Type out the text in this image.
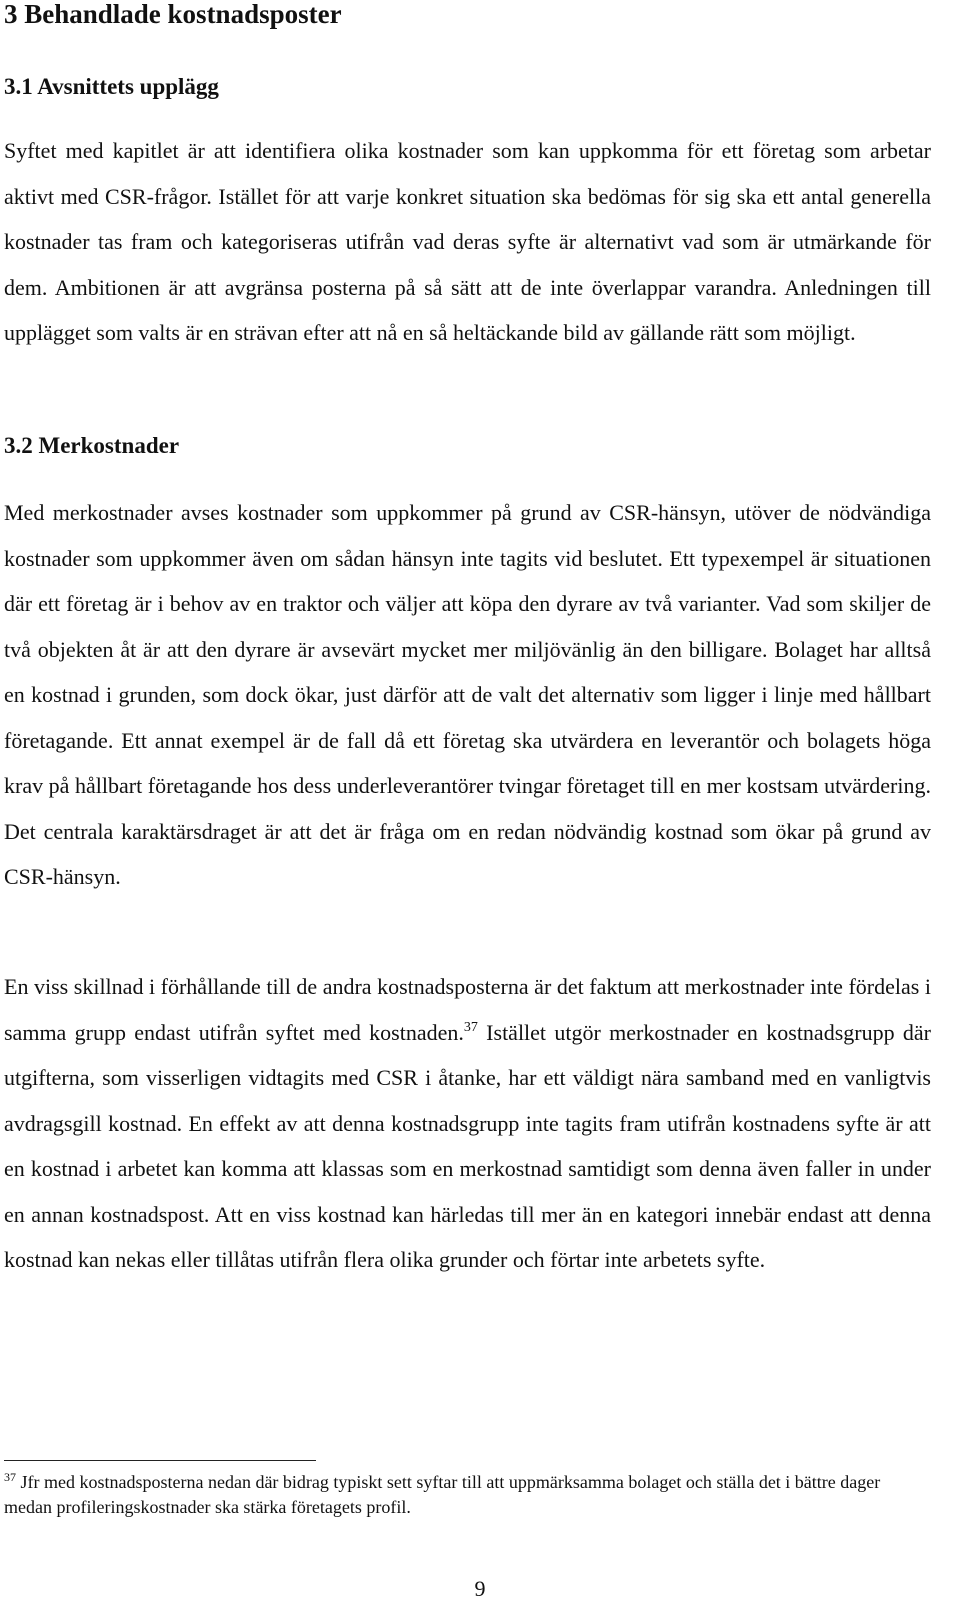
3 Behandlade kostnadsposter
3.1 Avsnittets upplägg

Syftet med kapitlet är att identifiera olika kostnader som kan uppkomma för ett företag som arbetar aktivt med CSR-frågor. Istället för att varje konkret situation ska bedömas för sig ska ett antal generella kostnader tas fram och kategoriseras utifrån vad deras syfte är alternativt vad som är utmärkande för dem. Ambitionen är att avgränsa posterna på så sätt att de inte överlappar varandra. Anledningen till upplägget som valts är en strävan efter att nå en så heltäckande bild av gällande rätt som möjligt.

3.2 Merkostnader

Med merkostnader avses kostnader som uppkommer på grund av CSR-hänsyn, utöver de nödvändiga kostnader som uppkommer även om sådan hänsyn inte tagits vid beslutet. Ett typexempel är situationen där ett företag är i behov av en traktor och väljer att köpa den dyrare av två varianter. Vad som skiljer de två objekten åt är att den dyrare är avsevärt mycket mer miljövänlig än den billigare. Bolaget har alltså en kostnad i grunden, som dock ökar, just därför att de valt det alternativ som ligger i linje med hållbart företagande. Ett annat exempel är de fall då ett företag ska utvärdera en leverantör och bolagets höga krav på hållbart företagande hos dess underleverantörer tvingar företaget till en mer kostsam utvärdering. Det centrala karaktärsdraget är att det är fråga om en redan nödvändig kostnad som ökar på grund av CSR-hänsyn.

En viss skillnad i förhållande till de andra kostnadsposterna är det faktum att merkostnader inte fördelas i samma grupp endast utifrån syftet med kostnaden.$^{37}$ Istället utgör merkostnader en kostnadsgrupp där utgifterna, som visserligen vidtagits med CSR i åtanke, har ett väldigt nära samband med en vanligtvis avdragsgill kostnad. En effekt av att denna kostnadsgrupp inte tagits fram utifrån kostnadens syfte är att en kostnad i arbetet kan komma att klassas som en merkostnad samtidigt som denna även faller in under en annan kostnadspost. Att en viss kostnad kan härledas till mer än en kategori innebär endast att denna kostnad kan nekas eller tillåtas utifrån flera olika grunder och förtar inte arbetets syfte.

$^{37}$ Jfr med kostnadsposterna nedan där bidrag typiskt sett syftar till att uppmärksamma bolaget och ställa det i bättre dager medan profileringskostnader ska stärka företagets profil.

9
